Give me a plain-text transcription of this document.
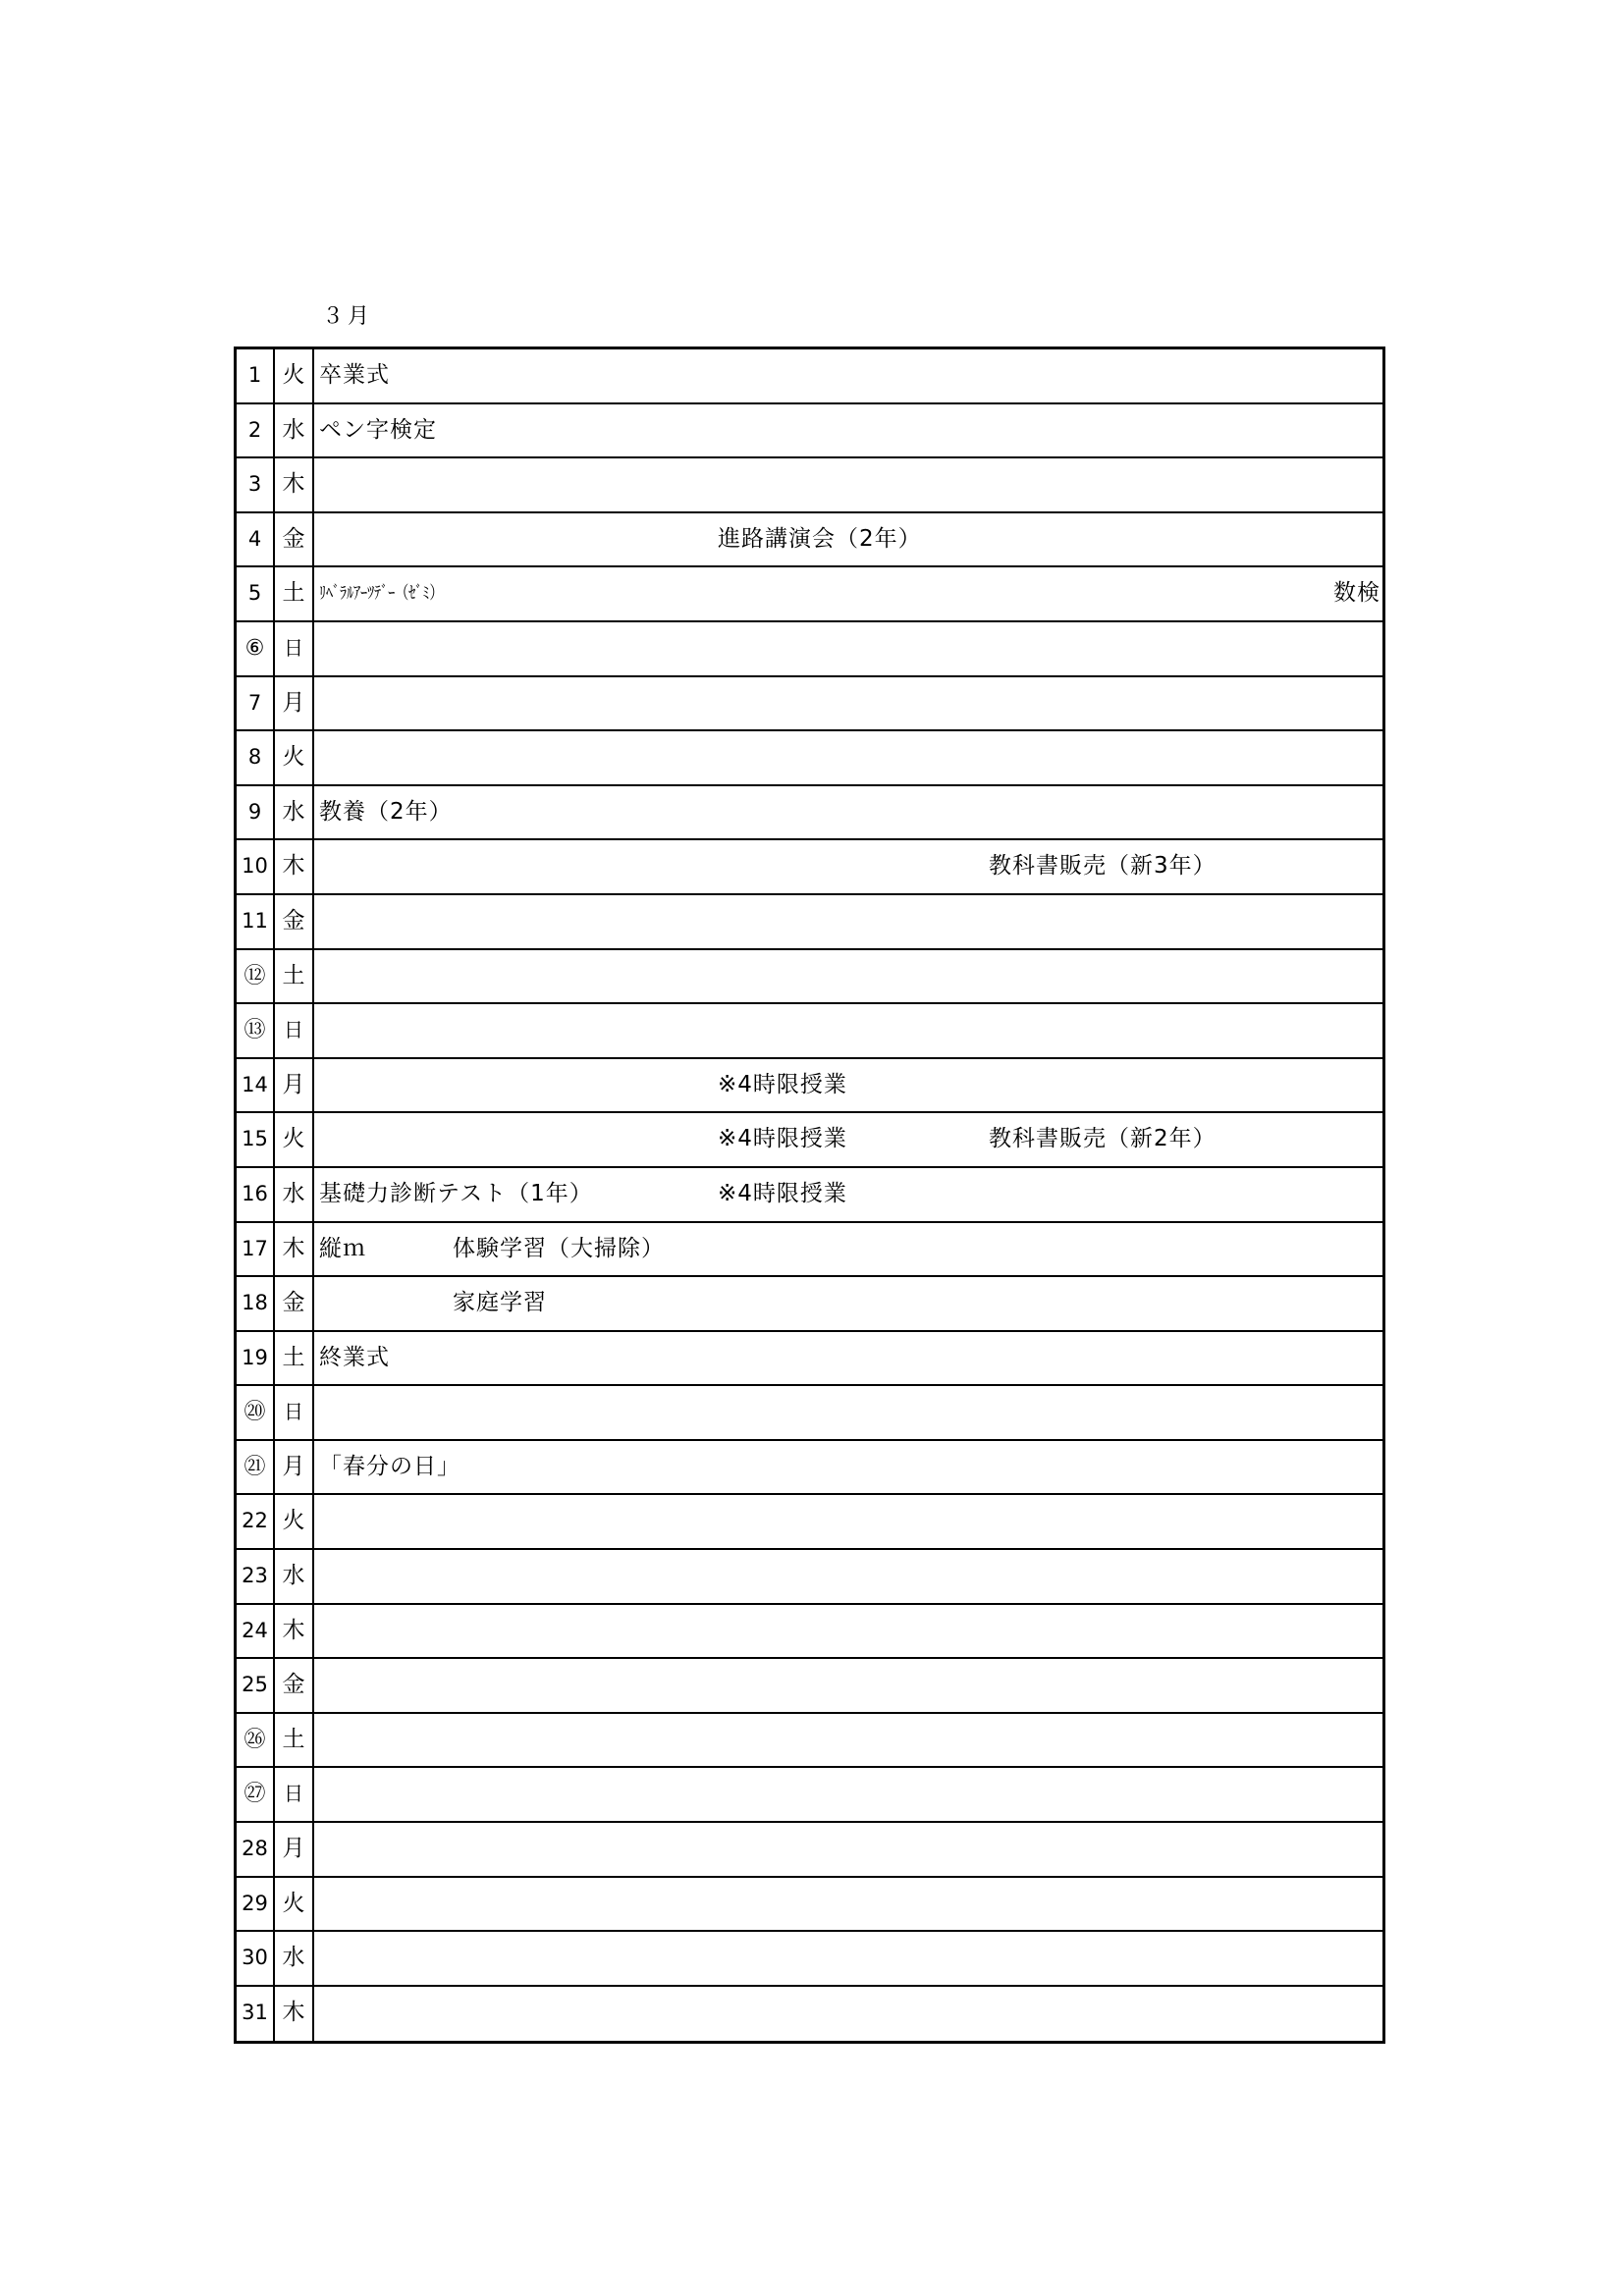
３月
1 火 卒業式
2 水 ペン字検定
3 木
4 金	進路講演会（2年）
5 土 ﾘﾍﾞﾗﾙｱｰﾂﾃﾞｰ（ｾﾞﾐ）	数検
⑥ 日
7 月
8 火
9 水 教養（2年）
10 木	教科書販売（新3年）
11 金
⑫ 土
⑬ 日
14 月	※4時限授業
15 火	※4時限授業	教科書販売（新2年）
16 水 基礎力診断テスト（1年）	※4時限授業
17 木 縦ｍ	体験学習（大掃除）
18 金	家庭学習
19 土 終業式
⑳ 日
㉑ 月 「春分の日」
22 火
23 水
24 木
25 金
㉖ 土
㉗ 日
28 月
29 火
30 水
31 木
